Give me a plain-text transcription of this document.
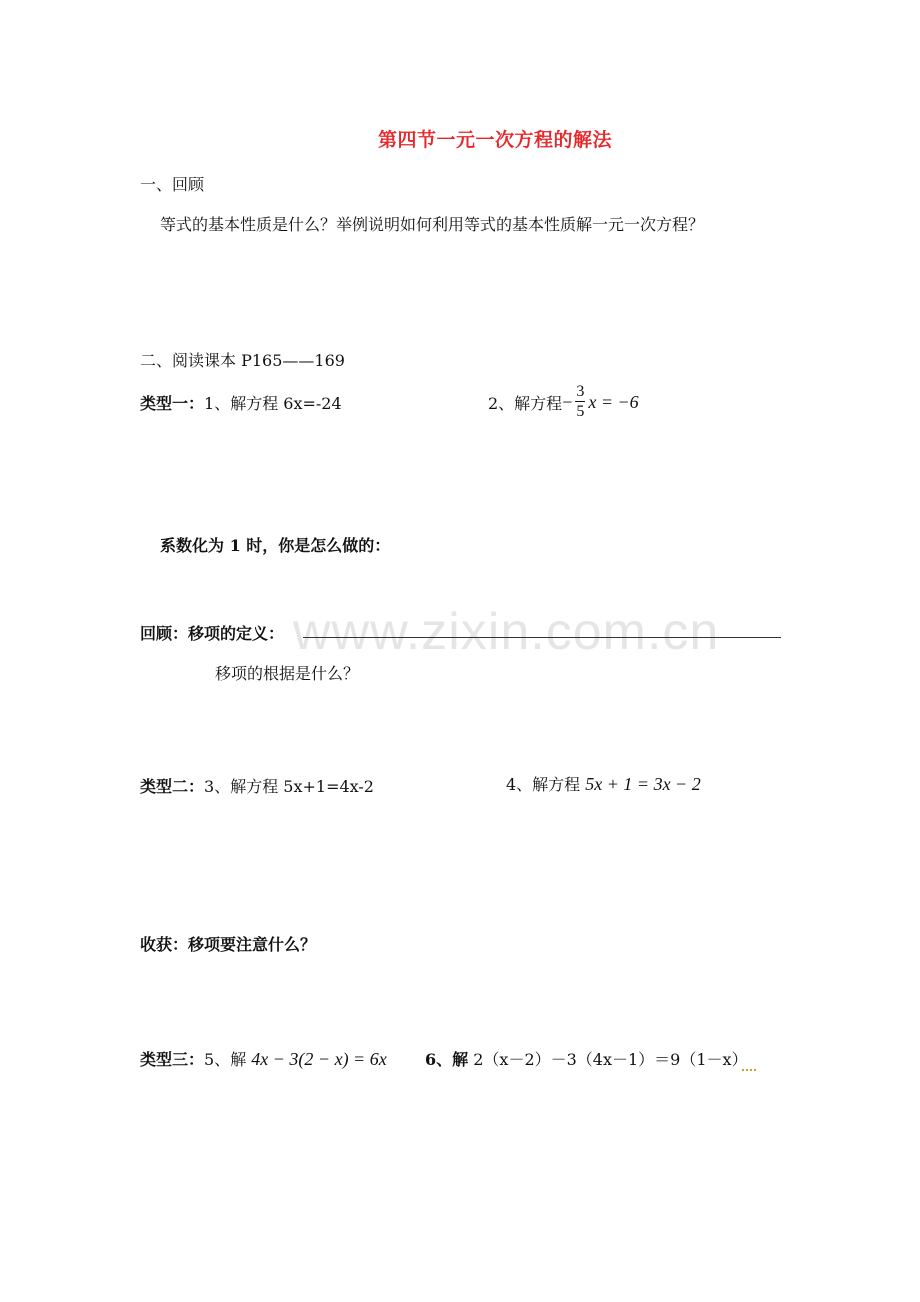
第四节一元一次方程的解法
一、回顾
等式的基本性质是什么？举例说明如何利用等式的基本性质解一元一次方程？
二、阅读课本 P165——169
类型一：1、解方程 6x=-24	2、解方程 − $\frac{3}{5}$ x = −6
系数化为 1 时，你是怎么做的：
www.zixin.com.cn
回顾：移项的定义：
移项的根据是什么？
类型二：3、解方程 5x+1=4x-2	4、解方程 5x + 1 = 3x − 2
收获：移项要注意什么？
类型三：5、解 4x − 3(2 − x) = 6x 6、解 2（x－2）－3（4x－1）＝9（1－x）
